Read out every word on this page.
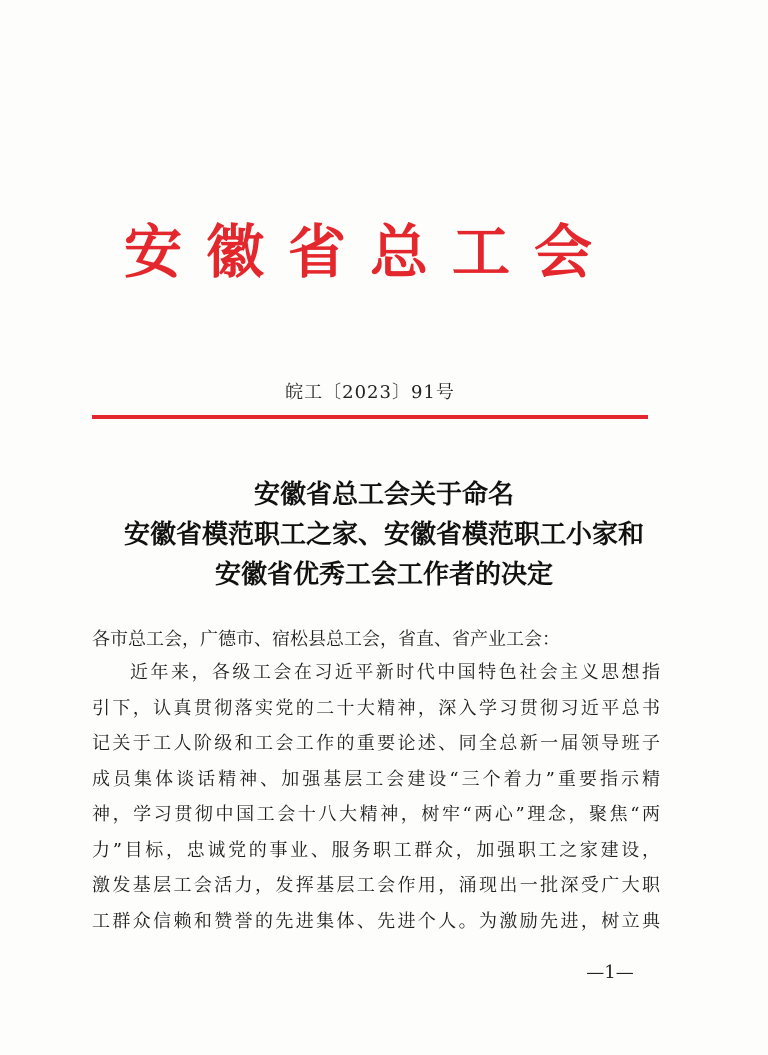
安徽省总工会
皖工〔2023〕91号
安徽省总工会关于命名
安徽省模范职工之家、安徽省模范职工小家和
安徽省优秀工会工作者的决定
各市总工会，广德市、宿松县总工会，省直、省产业工会：
近年来，各级工会在习近平新时代中国特色社会主义思想指
引下，认真贯彻落实党的二十大精神，深入学习贯彻习近平总书
记关于工人阶级和工会工作的重要论述、同全总新一届领导班子
成员集体谈话精神、加强基层工会建设“三个着力”重要指示精
神，学习贯彻中国工会十八大精神，树牢“两心”理念，聚焦“两
力”目标，忠诚党的事业、服务职工群众，加强职工之家建设，
激发基层工会活力，发挥基层工会作用，涌现出一批深受广大职
工群众信赖和赞誉的先进集体、先进个人。为激励先进，树立典
—1—
